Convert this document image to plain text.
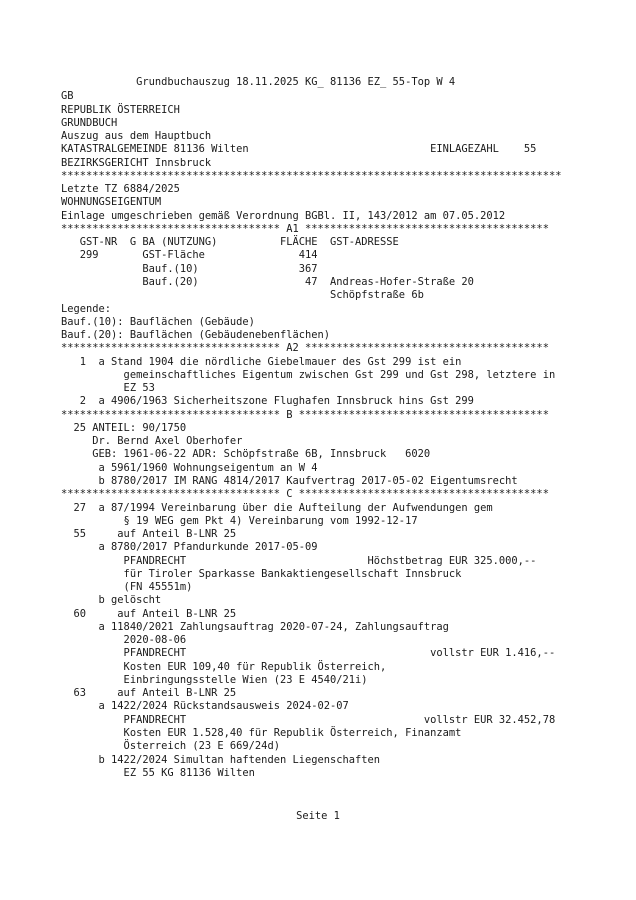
Grundbuchauszug 18.11.2025 KG_ 81136 EZ_ 55-Top W 4
GB
REPUBLIK ÖSTERREICH
GRUNDBUCH
Auszug aus dem Hauptbuch
KATASTRALGEMEINDE 81136 Wilten                             EINLAGEZAHL    55
BEZIRKSGERICHT Innsbruck
********************************************************************************
Letzte TZ 6884/2025
WOHNUNGSEIGENTUM
Einlage umgeschrieben gemäß Verordnung BGBl. II, 143/2012 am 07.05.2012
*********************************** A1 ***************************************
GST-NR  G BA (NUTZUNG)          FLÄCHE  GST-ADRESSE
299       GST-Fläche               414
Bauf.(10)                367
Bauf.(20)                 47  Andreas-Hofer-Straße 20
Schöpfstraße 6b
Legende:
Bauf.(10): Bauflächen (Gebäude)
Bauf.(20): Bauflächen (Gebäudenebenflächen)
*********************************** A2 ***************************************
1  a Stand 1904 die nördliche Giebelmauer des Gst 299 ist ein
gemeinschaftliches Eigentum zwischen Gst 299 und Gst 298, letztere in
EZ 53
2  a 4906/1963 Sicherheitszone Flughafen Innsbruck hins Gst 299
*********************************** B ****************************************
25 ANTEIL: 90/1750
Dr. Bernd Axel Oberhofer
GEB: 1961-06-22 ADR: Schöpfstraße 6B, Innsbruck   6020
a 5961/1960 Wohnungseigentum an W 4
b 8780/2017 IM RANG 4814/2017 Kaufvertrag 2017-05-02 Eigentumsrecht
*********************************** C ****************************************
27  a 87/1994 Vereinbarung über die Aufteilung der Aufwendungen gem
§ 19 WEG gem Pkt 4) Vereinbarung vom 1992-12-17
55     auf Anteil B-LNR 25
a 8780/2017 Pfandurkunde 2017-05-09
PFANDRECHT                             Höchstbetrag EUR 325.000,--
für Tiroler Sparkasse Bankaktiengesellschaft Innsbruck
(FN 45551m)
b gelöscht
60     auf Anteil B-LNR 25
a 11840/2021 Zahlungsauftrag 2020-07-24, Zahlungsauftrag
2020-08-06
PFANDRECHT                                       vollstr EUR 1.416,--
Kosten EUR 109,40 für Republik Österreich,
Einbringungsstelle Wien (23 E 4540/21i)
63     auf Anteil B-LNR 25
a 1422/2024 Rückstandsausweis 2024-02-07
PFANDRECHT                                      vollstr EUR 32.452,78
Kosten EUR 1.528,40 für Republik Österreich, Finanzamt
Österreich (23 E 669/24d)
b 1422/2024 Simultan haftenden Liegenschaften
EZ 55 KG 81136 Wilten
Seite 1
